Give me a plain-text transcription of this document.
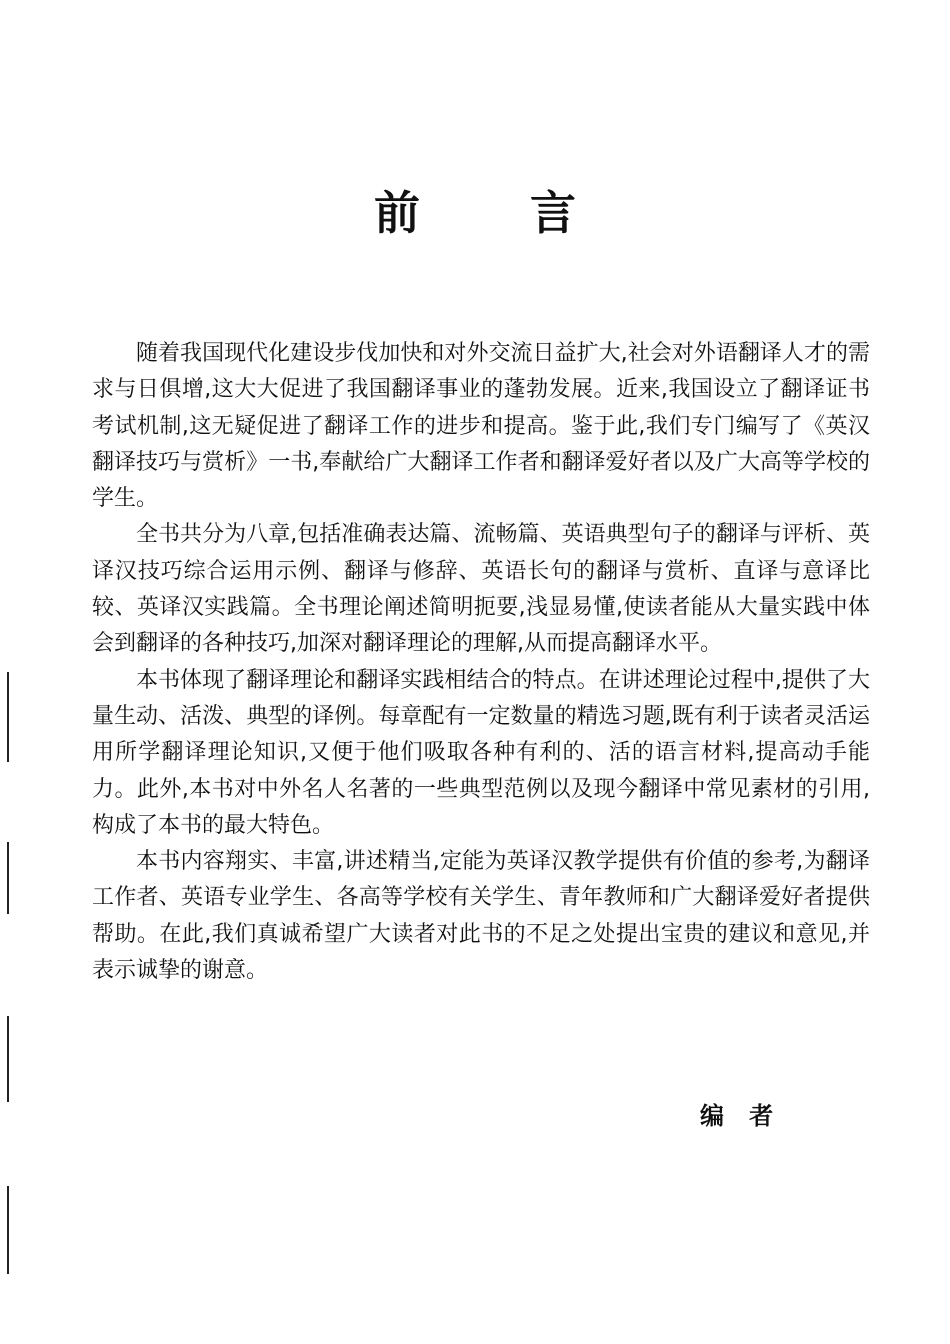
前 言

随着我国现代化建设步伐加快和对外交流日益扩大,社会对外语翻译人才的需求与日俱增,这大大促进了我国翻译事业的蓬勃发展。近来,我国设立了翻译证书考试机制,这无疑促进了翻译工作的进步和提高。鉴于此,我们专门编写了《英汉翻译技巧与赏析》一书,奉献给广大翻译工作者和翻译爱好者以及广大高等学校的学生。

全书共分为八章,包括准确表达篇、流畅篇、英语典型句子的翻译与评析、英译汉技巧综合运用示例、翻译与修辞、英语长句的翻译与赏析、直译与意译比较、英译汉实践篇。全书理论阐述简明扼要,浅显易懂,使读者能从大量实践中体会到翻译的各种技巧,加深对翻译理论的理解,从而提高翻译水平。

本书体现了翻译理论和翻译实践相结合的特点。在讲述理论过程中,提供了大量生动、活泼、典型的译例。每章配有一定数量的精选习题,既有利于读者灵活运用所学翻译理论知识,又便于他们吸取各种有利的、活的语言材料,提高动手能力。此外,本书对中外名人名著的一些典型范例以及现今翻译中常见素材的引用,构成了本书的最大特色。

本书内容翔实、丰富,讲述精当,定能为英译汉教学提供有价值的参考,为翻译工作者、英语专业学生、各高等学校有关学生、青年教师和广大翻译爱好者提供帮助。在此,我们真诚希望广大读者对此书的不足之处提出宝贵的建议和意见,并表示诚挚的谢意。

编   者
